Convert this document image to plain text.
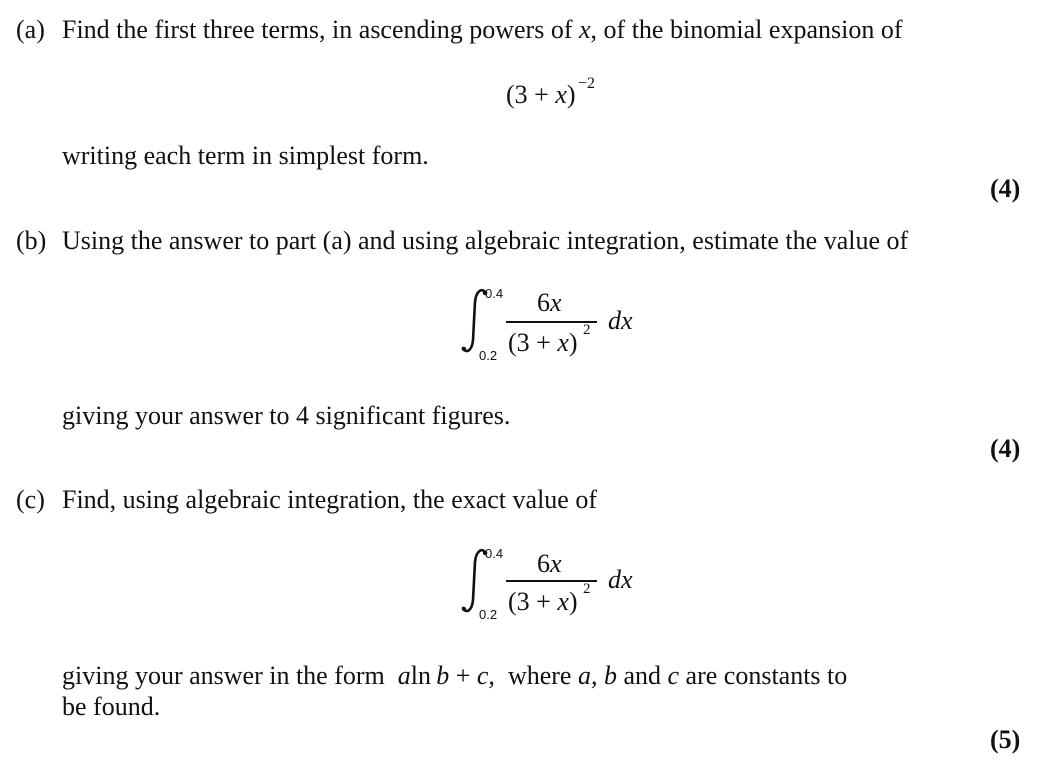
(a) Find the first three terms, in ascending powers of x, of the binomial expansion of
(3 + x) −2
writing each term in simplest form.
(4)
(b) Using the answer to part (a) and using algebraic integration, estimate the value of
0.4
0.2
6x
(3 + x) 2 dx
giving your answer to 4 significant figures.
(4)
(c) Find, using algebraic integration, the exact value of
0.4
0.2
6x
(3 + x) 2 dx
giving your answer in the form aln  b + c, where a, b and c are constants to
be found.
(5)
